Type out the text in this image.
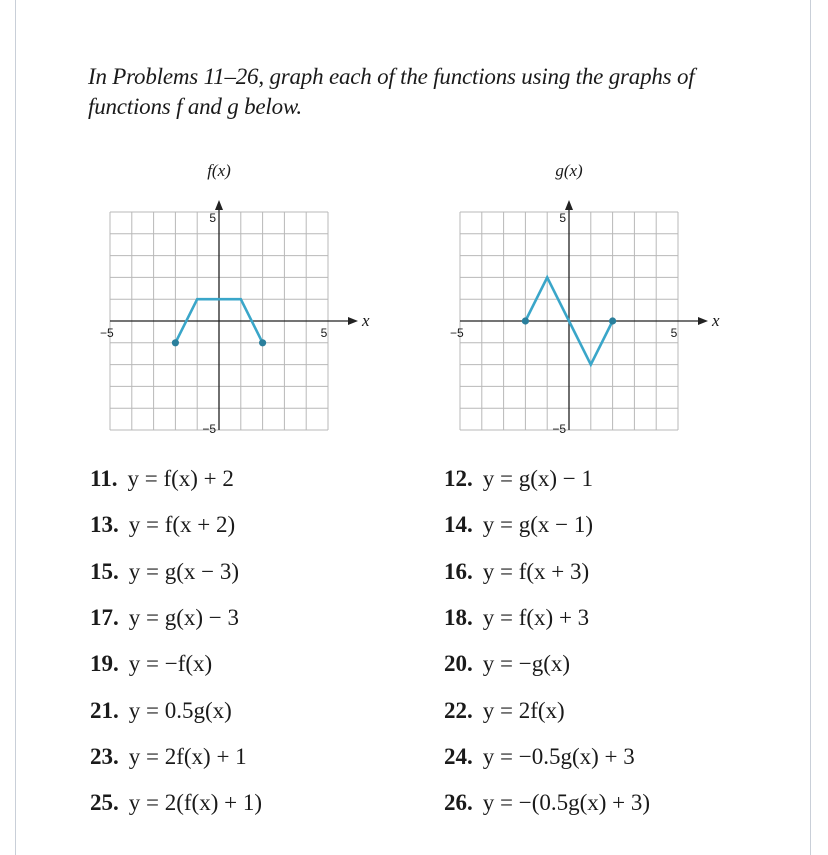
In Problems 11–26, graph each of the functions using the graphs of functions f and g below.
f(x)
x
−5	5
5
−5
g(x)
x
−5	5
5
−5
11. y = f(x) + 2	12. y = g(x) − 1
13. y = f(x + 2)	14. y = g(x − 1)
15. y = g(x − 3)	16. y = f(x + 3)
17. y = g(x) − 3	18. y = f(x) + 3
19. y = −f(x)	20. y = −g(x)
21. y = 0.5g(x)	22. y = 2f(x)
23. y = 2f(x) + 1	24. y = −0.5g(x) + 3
25. y = 2(f(x) + 1)	26. y = −(0.5g(x) + 3)
